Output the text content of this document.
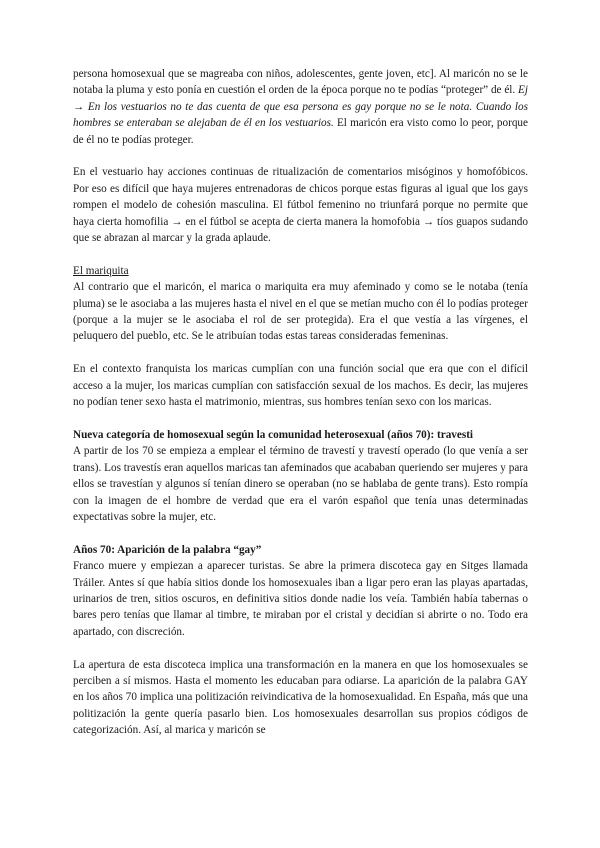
persona homosexual que se magreaba con niños, adolescentes, gente joven, etc]. Al maricón no se le notaba la pluma y esto ponía en cuestión el orden de la época porque no te podías “proteger” de él. Ej → En los vestuarios no te das cuenta de que esa persona es gay porque no se le nota. Cuando los hombres se enteraban se alejaban de él en los vestuarios. El maricón era visto como lo peor, porque de él no te podías proteger.

En el vestuario hay acciones continuas de ritualización de comentarios misóginos y homofóbicos. Por eso es difícil que haya mujeres entrenadoras de chicos porque estas figuras al igual que los gays rompen el modelo de cohesión masculina. El fútbol femenino no triunfará porque no permite que haya cierta homofilia → en el fútbol se acepta de cierta manera la homofobia → tíos guapos sudando que se abrazan al marcar y la grada aplaude.

El mariquita

Al contrario que el maricón, el marica o mariquita era muy afeminado y como se le notaba (tenía pluma) se le asociaba a las mujeres hasta el nivel en el que se metían mucho con él lo podías proteger (porque a la mujer se le asociaba el rol de ser protegida). Era el que vestía a las vírgenes, el peluquero del pueblo, etc. Se le atribuían todas estas tareas consideradas femeninas.

En el contexto franquista los maricas cumplían con una función social que era que con el difícil acceso a la mujer, los maricas cumplían con satisfacción sexual de los machos. Es decir, las mujeres no podían tener sexo hasta el matrimonio, mientras, sus hombres tenían sexo con los maricas.

Nueva categoría de homosexual según la comunidad heterosexual (años 70): travesti

A partir de los 70 se empieza a emplear el término de travestí y travestí operado (lo que venía a ser trans). Los travestís eran aquellos maricas tan afeminados que acababan queriendo ser mujeres y para ellos se travestían y algunos sí tenían dinero se operaban (no se hablaba de gente trans). Esto rompía con la imagen de el hombre de verdad que era el varón español que tenía unas determinadas expectativas sobre la mujer, etc.

Años 70: Aparición de la palabra “gay”

Franco muere y empiezan a aparecer turistas. Se abre la primera discoteca gay en Sitges llamada Tráiler. Antes sí que había sitios donde los homosexuales iban a ligar pero eran las playas apartadas, urinarios de tren, sitios oscuros, en definitiva sitios donde nadie los veía. También había tabernas o bares pero tenías que llamar al timbre, te miraban por el cristal y decidían si abrirte o no. Todo era apartado, con discreción.

La apertura de esta discoteca implica una transformación en la manera en que los homosexuales se perciben a sí mismos. Hasta el momento les educaban para odiarse. La aparición de la palabra GAY en los años 70 implica una politización reivindicativa de la homosexualidad. En España, más que una politización la gente quería pasarlo bien. Los homosexuales desarrollan sus propios códigos de categorización. Así, al marica y maricón se
